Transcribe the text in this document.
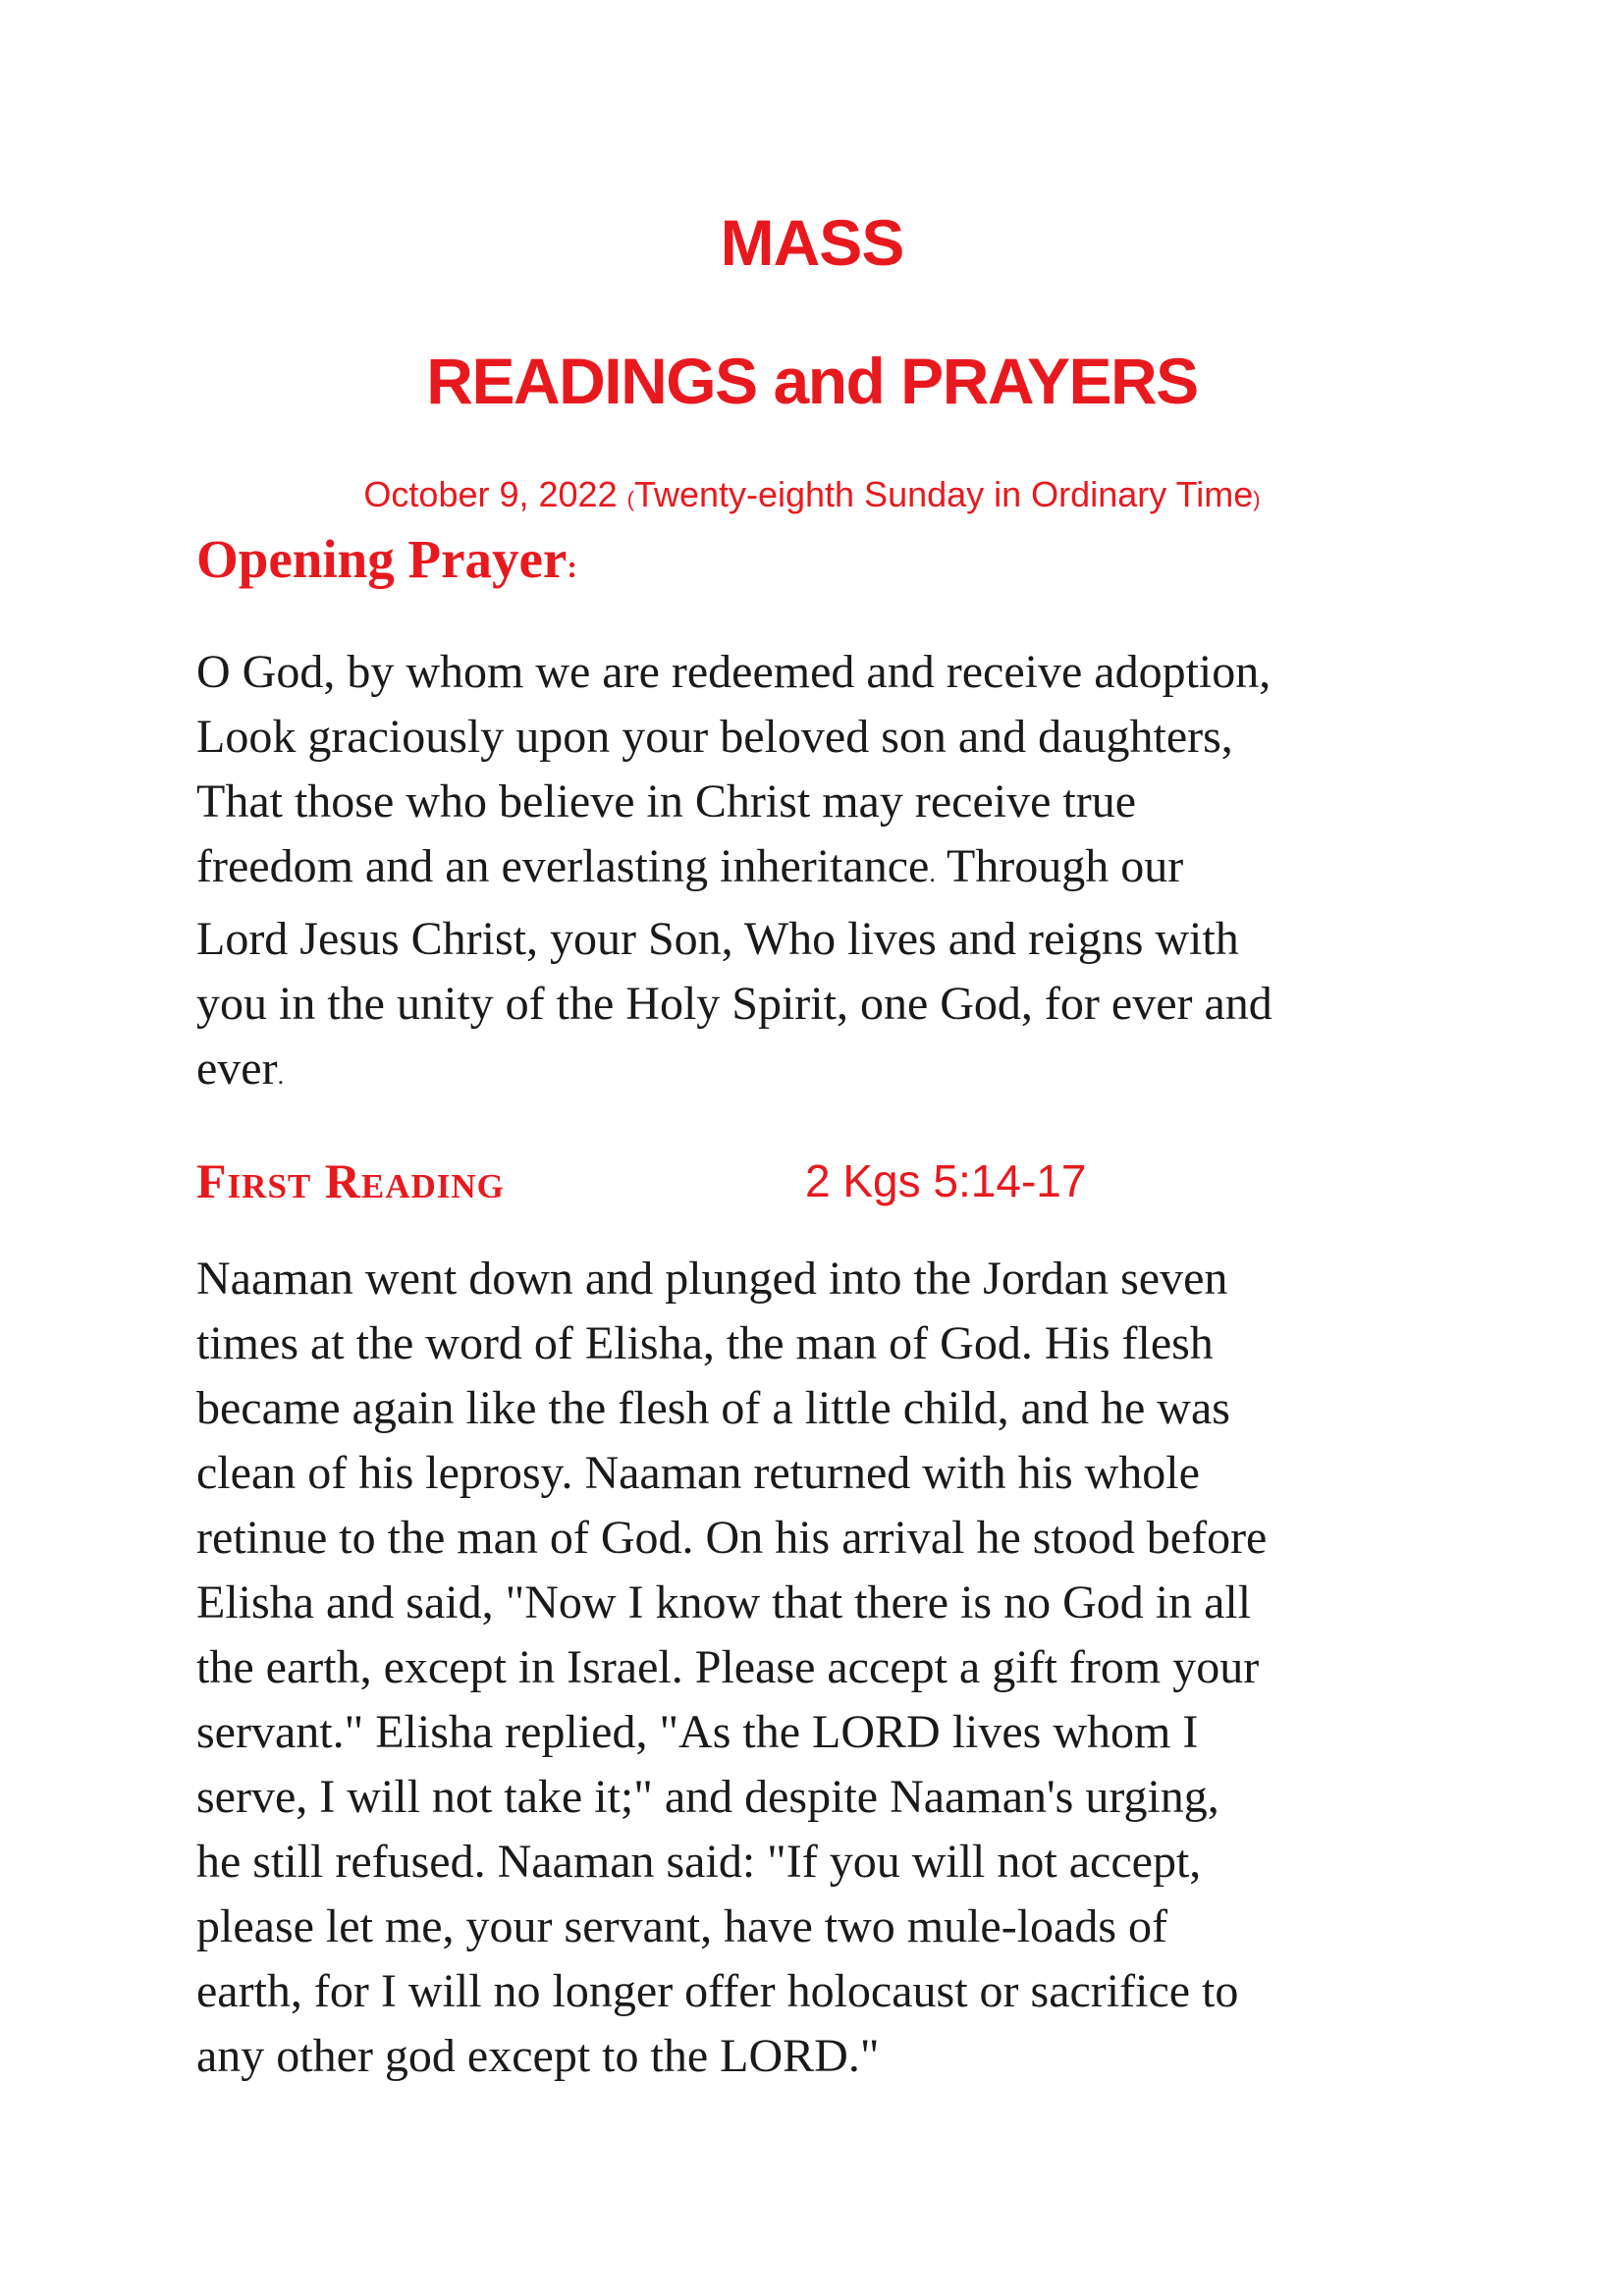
MASS
READINGS and PRAYERS
October 9, 2022 (Twenty-eighth Sunday in Ordinary Time)
Opening Prayer:
O God, by whom we are redeemed and receive adoption,
Look graciously upon your beloved son and daughters,
That those who believe in Christ may receive true
freedom and an everlasting inheritance. Through our
Lord Jesus Christ, your Son, Who lives and reigns with
you in the unity of the Holy Spirit, one God, for ever and
ever.
First Reading	2 Kgs 5:14-17
Naaman went down and plunged into the Jordan seven
times at the word of Elisha, the man of God. His flesh
became again like the flesh of a little child, and he was
clean of his leprosy. Naaman returned with his whole
retinue to the man of God. On his arrival he stood before
Elisha and said, "Now I know that there is no God in all
the earth, except in Israel. Please accept a gift from your
servant." Elisha replied, "As the LORD lives whom I
serve, I will not take it;" and despite Naaman's urging,
he still refused. Naaman said: "If you will not accept,
please let me, your servant, have two mule-loads of
earth, for I will no longer offer holocaust or sacrifice to
any other god except to the LORD."
